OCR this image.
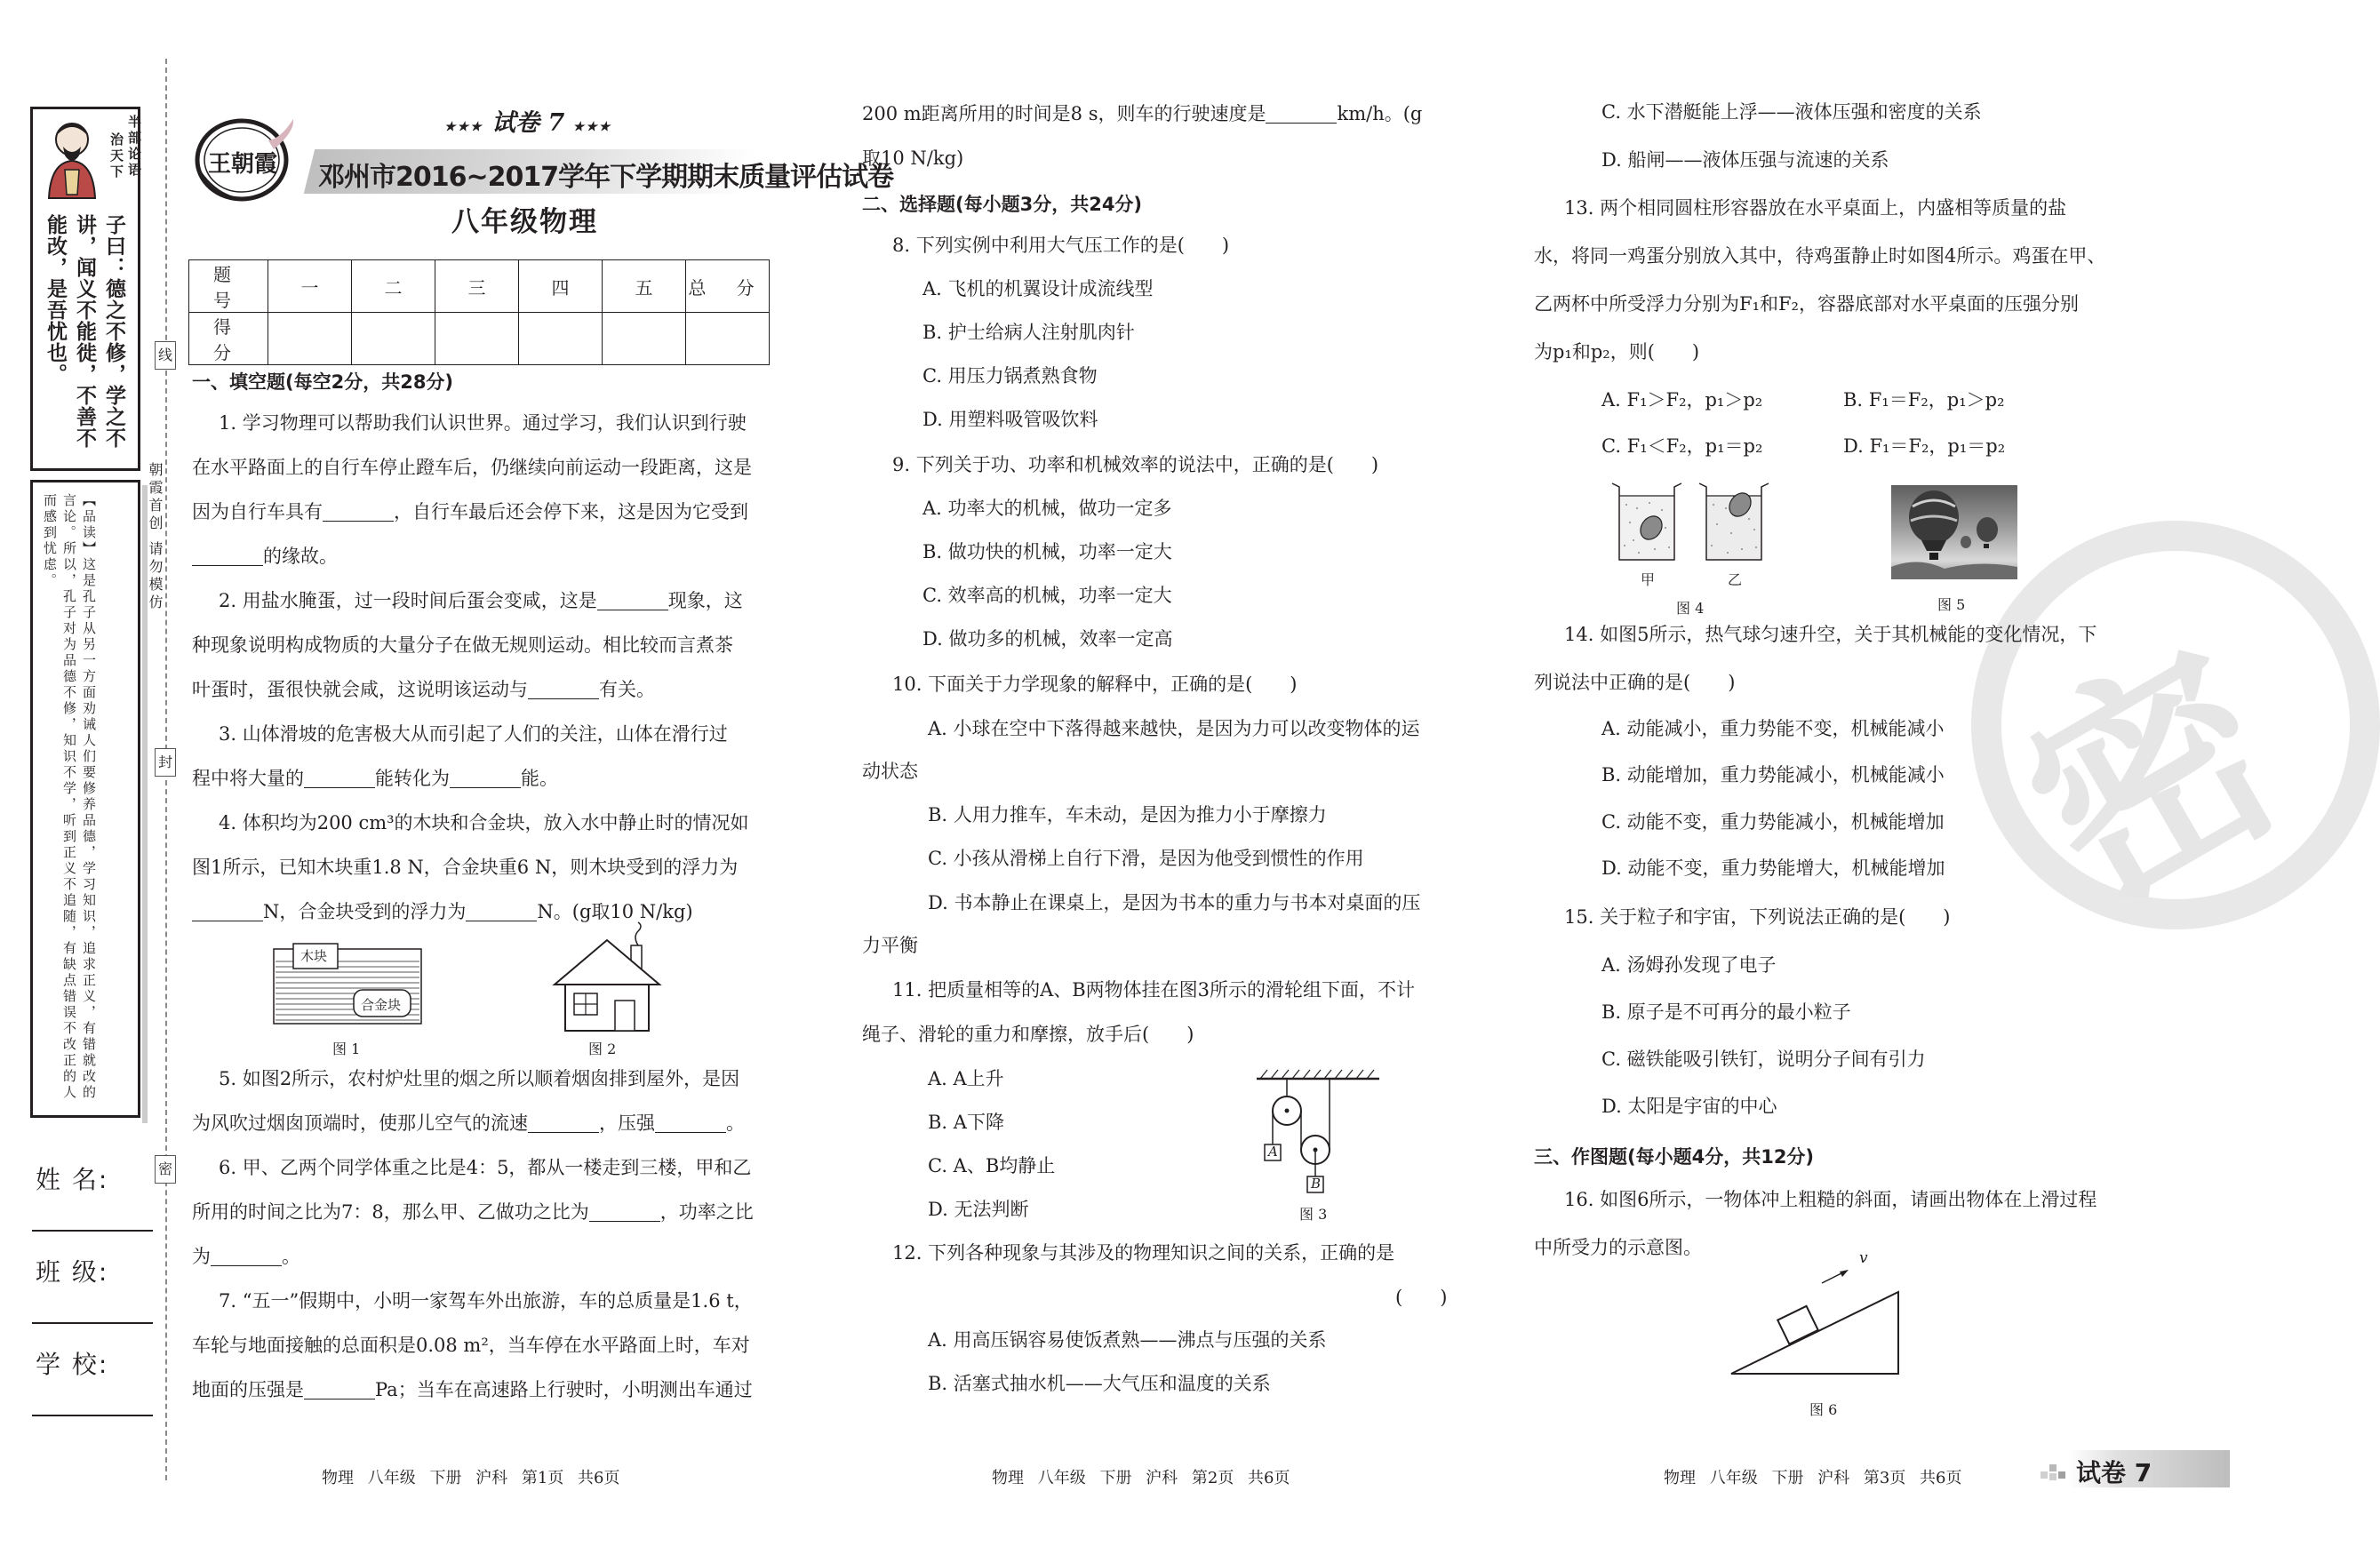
治天下 半部论语
子曰：德之不修，学之不讲，闻义不能徙，不善不能改，是吾忧也。
【品读】这是孔子从另一方面劝诫人们要修养品德，学习知识，追求正义，有错就改的言论。所以，孔子对为品德不修，知识不学，听到正义不追随，有缺点错误不改正的人而感到忧虑。
姓 名:
班 级:
学 校:
线
封
密
朝霞首创 请勿模仿
王朝霞
★★★ 试卷 7 ★★★
邓州市2016~2017学年下学期期末质量评估试卷
八年级物理
题 号	一	二	三	四	五	总 分
得 分						
一、填空题(每空2分，共28分)
1. 学习物理可以帮助我们认识世界。通过学习，我们认识到行驶
在水平路面上的自行车停止蹬车后，仍继续向前运动一段距离，这是
因为自行车具有	，自行车最后还会停下来，这是因为它受到
的缘故。
2. 用盐水腌蛋，过一段时间后蛋会变咸，这是	现象，这
种现象说明构成物质的大量分子在做无规则运动。相比较而言煮茶
叶蛋时，蛋很快就会咸，这说明该运动与	有关。
3. 山体滑坡的危害极大从而引起了人们的关注，山体在滑行过
程中将大量的	能转化为	能。
4. 体积均为200 cm³的木块和合金块，放入水中静止时的情况如
图1所示，已知木块重1.8 N，合金块重6 N，则木块受到的浮力为
N，合金块受到的浮力为	N。(g取10 N/kg)
木块
合金块
图 1	图 2
5. 如图2所示，农村炉灶里的烟之所以顺着烟囱排到屋外，是因
为风吹过烟囱顶端时，使那儿空气的流速	，压强	。
6. 甲、乙两个同学体重之比是4：5，都从一楼走到三楼，甲和乙
所用的时间之比为7：8，那么甲、乙做功之比为	，功率之比
为	。
7. “五一”假期中，小明一家驾车外出旅游，车的总质量是1.6 t，
车轮与地面接触的总面积是0.08 m²，当车停在水平路面上时，车对
地面的压强是	Pa；当车在高速路上行驶时，小明测出车通过
物理 八年级 下册 沪科 第1页 共6页
200 m距离所用的时间是8 s，则车的行驶速度是	km/h。(g
取10 N/kg)
二、选择题(每小题3分，共24分)
8. 下列实例中利用大气压工作的是(　　)
A. 飞机的机翼设计成流线型
B. 护士给病人注射肌肉针
C. 用压力锅煮熟食物
D. 用塑料吸管吸饮料
9. 下列关于功、功率和机械效率的说法中，正确的是(　　)
A. 功率大的机械，做功一定多
B. 做功快的机械，功率一定大
C. 效率高的机械，功率一定大
D. 做功多的机械，效率一定高
10. 下面关于力学现象的解释中，正确的是(　　)
A. 小球在空中下落得越来越快，是因为力可以改变物体的运
动状态
B. 人用力推车，车未动，是因为推力小于摩擦力
C. 小孩从滑梯上自行下滑，是因为他受到惯性的作用
D. 书本静止在课桌上，是因为书本的重力与书本对桌面的压
力平衡
11. 把质量相等的A、B两物体挂在图3所示的滑轮组下面，不计
绳子、滑轮的重力和摩擦，放手后(　　)
A. A上升
B. A下降
C. A、B均静止
D. 无法判断
A
B
图 3
12. 下列各种现象与其涉及的物理知识之间的关系，正确的是
(　　)
A. 用高压锅容易使饭煮熟——沸点与压强的关系
B. 活塞式抽水机——大气压和温度的关系
物理 八年级 下册 沪科 第2页 共6页
密
C. 水下潜艇能上浮——液体压强和密度的关系
D. 船闸——液体压强与流速的关系
13. 两个相同圆柱形容器放在水平桌面上，内盛相等质量的盐
水，将同一鸡蛋分别放入其中，待鸡蛋静止时如图4所示。鸡蛋在甲、
乙两杯中所受浮力分别为F₁和F₂，容器底部对水平桌面的压强分别
为p₁和p₂，则(　　)
A. F₁＞F₂，p₁＞p₂	B. F₁＝F₂，p₁＞p₂
C. F₁＜F₂，p₁＝p₂	D. F₁＝F₂，p₁＝p₂
甲	乙
图 4	图 5
14. 如图5所示，热气球匀速升空，关于其机械能的变化情况，下
列说法中正确的是(　　)
A. 动能减小，重力势能不变，机械能减小
B. 动能增加，重力势能减小，机械能减小
C. 动能不变，重力势能减小，机械能增加
D. 动能不变，重力势能增大，机械能增加
15. 关于粒子和宇宙，下列说法正确的是(　　)
A. 汤姆孙发现了电子
B. 原子是不可再分的最小粒子
C. 磁铁能吸引铁钉，说明分子间有引力
D. 太阳是宇宙的中心
三、作图题(每小题4分，共12分)
16. 如图6所示，一物体冲上粗糙的斜面，请画出物体在上滑过程
中所受力的示意图。	v
图 6
物理 八年级 下册 沪科 第3页 共6页	试卷 7
